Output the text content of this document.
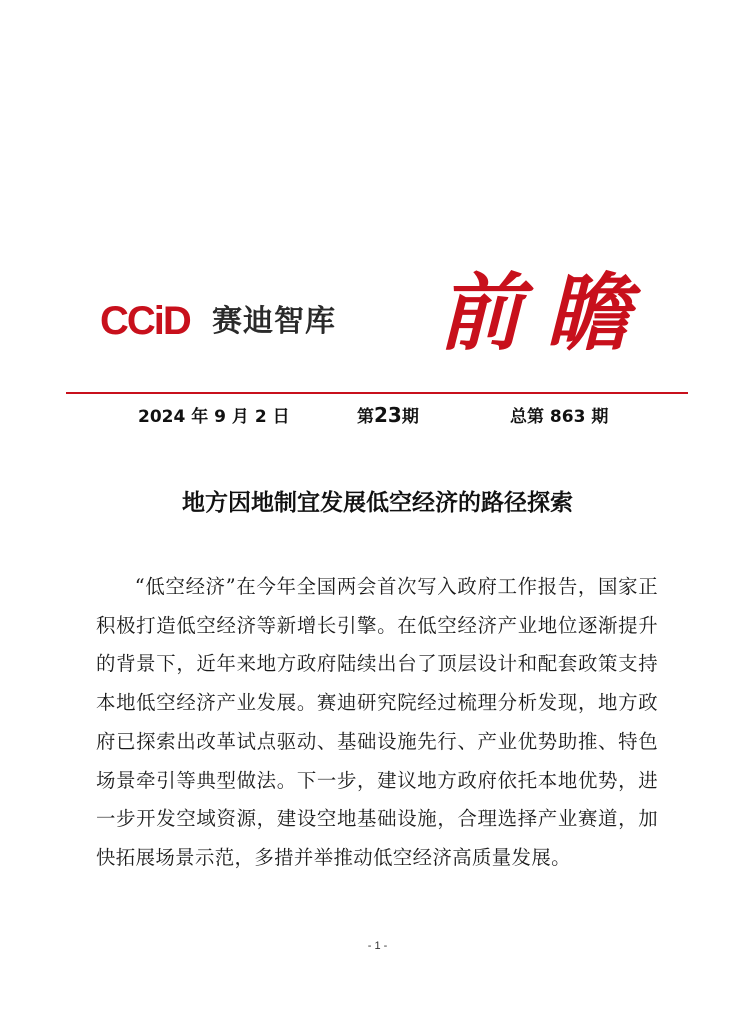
CCiD 赛迪智库 前瞻
2024 年 9 月 2 日	第23期	总第 863 期
地方因地制宜发展低空经济的路径探索

“低空经济”在今年全国两会首次写入政府工作报告，国家正积极打造低空经济等新增长引擎。在低空经济产业地位逐渐提升的背景下，近年来地方政府陆续出台了顶层设计和配套政策支持本地低空经济产业发展。赛迪研究院经过梳理分析发现，地方政府已探索出改革试点驱动、基础设施先行、产业优势助推、特色场景牵引等典型做法。下一步，建议地方政府依托本地优势，进一步开发空域资源，建设空地基础设施，合理选择产业赛道，加快拓展场景示范，多措并举推动低空经济高质量发展。

- 1 -
